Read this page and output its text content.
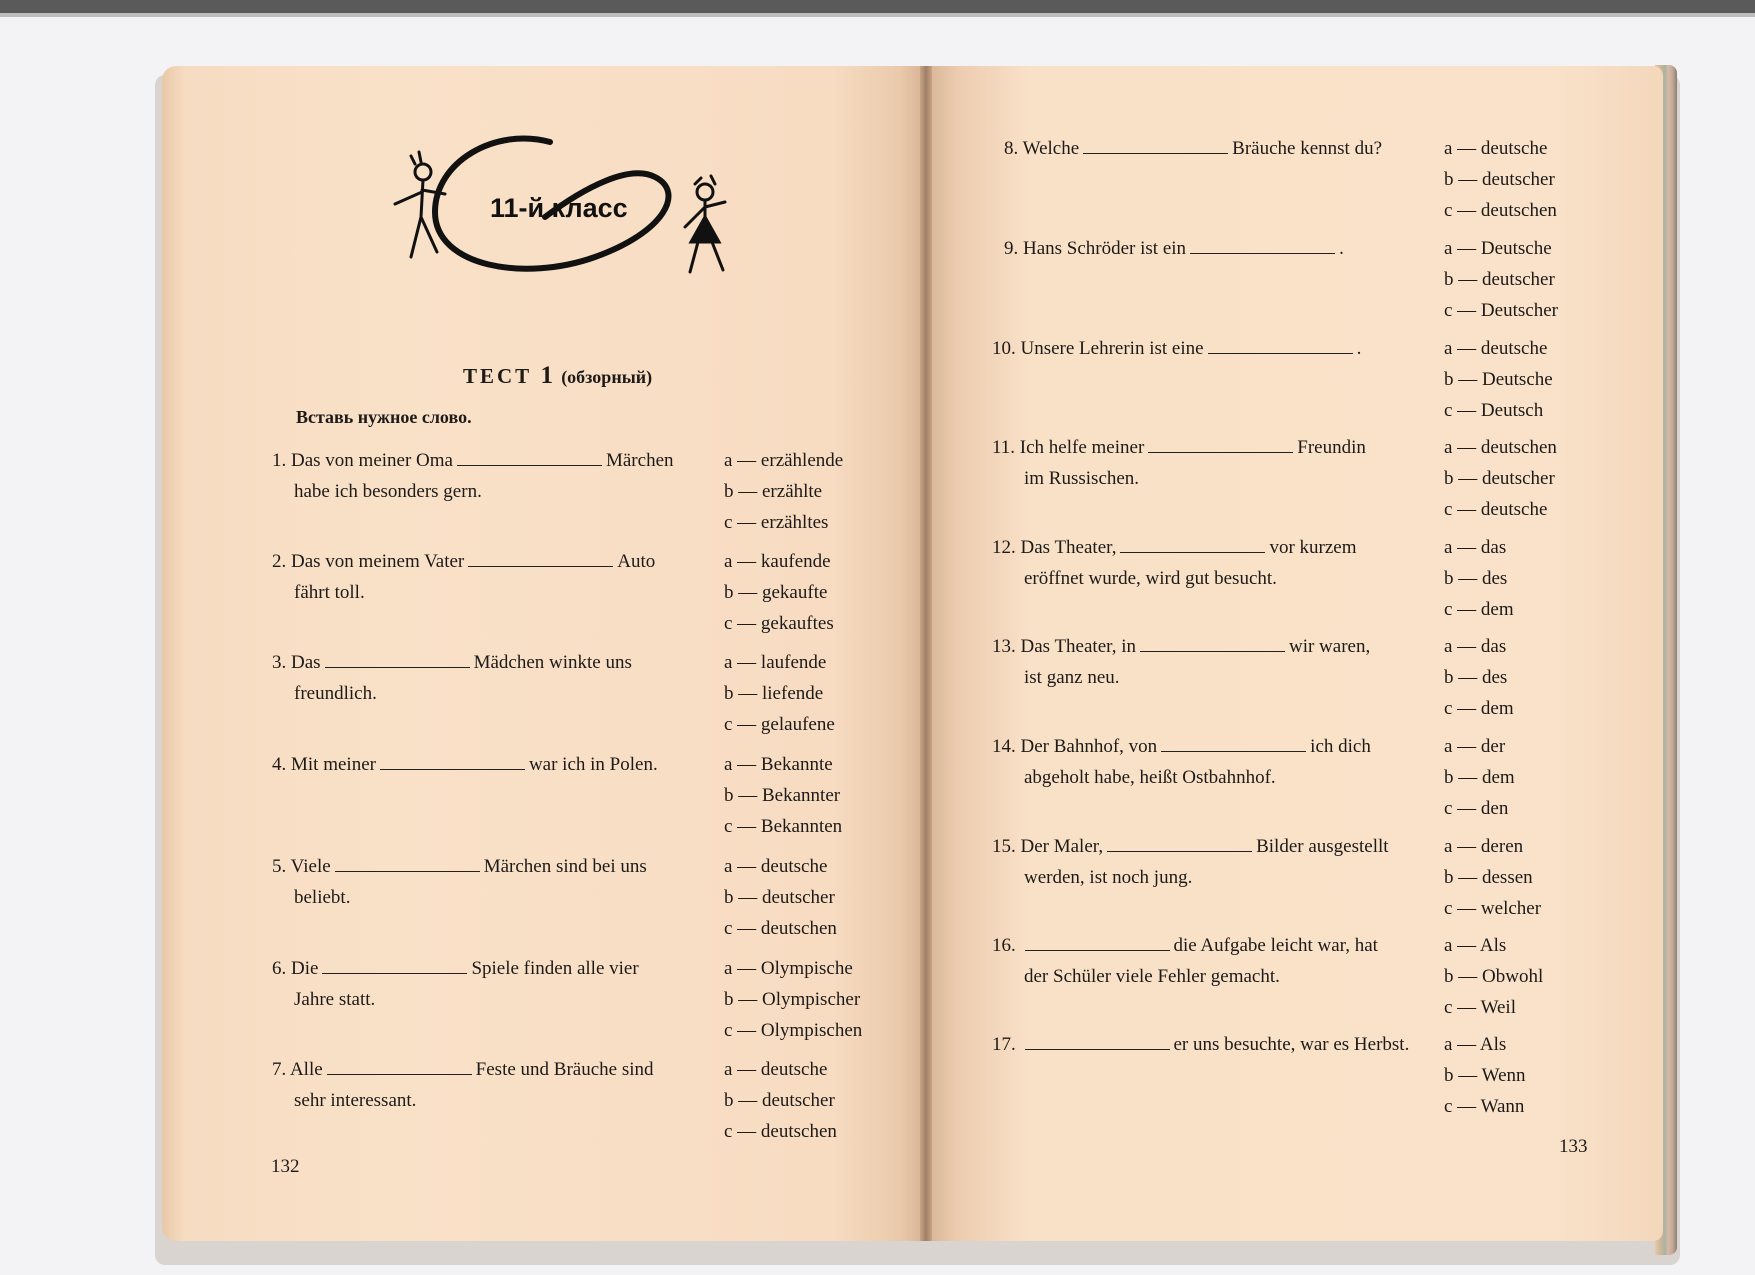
11-й класс
ТЕСТ 1 (обзорный)
Вставь нужное слово.
1. Das von meiner Oma	Märchen
habe ich besonders gern.
a — erzählende
b — erzählte
c — erzähltes
2. Das von meinem Vater	Auto
fährt toll.
a — kaufende
b — gekaufte
c — gekauftes
3. Das	Mädchen winkte uns
freundlich.
a — laufende
b — liefende
c — gelaufene
4. Mit meiner	war ich in Polen.	a — Bekannte
b — Bekannter
c — Bekannten
5. Viele	Märchen sind bei uns
beliebt.
a — deutsche
b — deutscher
c — deutschen
6. Die	Spiele finden alle vier
Jahre statt.
a — Olympische
b — Olympischer
c — Olympischen
7. Alle	Feste und Bräuche sind
sehr interessant.
a — deutsche
b — deutscher
c — deutschen
8. Welche	Bräuche kennst du?	a — deutsche
b — deutscher
c — deutschen
9. Hans Schröder ist ein	.	a — Deutsche
b — deutscher
c — Deutscher
10. Unsere Lehrerin ist eine	.	a — deutsche
b — Deutsche
c — Deutsch
11. Ich helfe meiner	Freundin
im Russischen.
a — deutschen
b — deutscher
c — deutsche
12. Das Theater,	vor kurzem
eröffnet wurde, wird gut besucht.
a — das
b — des
c — dem
13. Das Theater, in	wir waren,
ist ganz neu.
a — das
b — des
c — dem
14. Der Bahnhof, von	ich dich
abgeholt habe, heißt Ostbahnhof.
a — der
b — dem
c — den
15. Der Maler,	Bilder ausgestellt
werden, ist noch jung.
a — deren
b — dessen
c — welcher
16.	die Aufgabe leicht war, hat
der Schüler viele Fehler gemacht.
a — Als
b — Obwohl
c — Weil
17.	er uns besuchte, war es Herbst. a — Als
b — Wenn
c — Wann
132
133
